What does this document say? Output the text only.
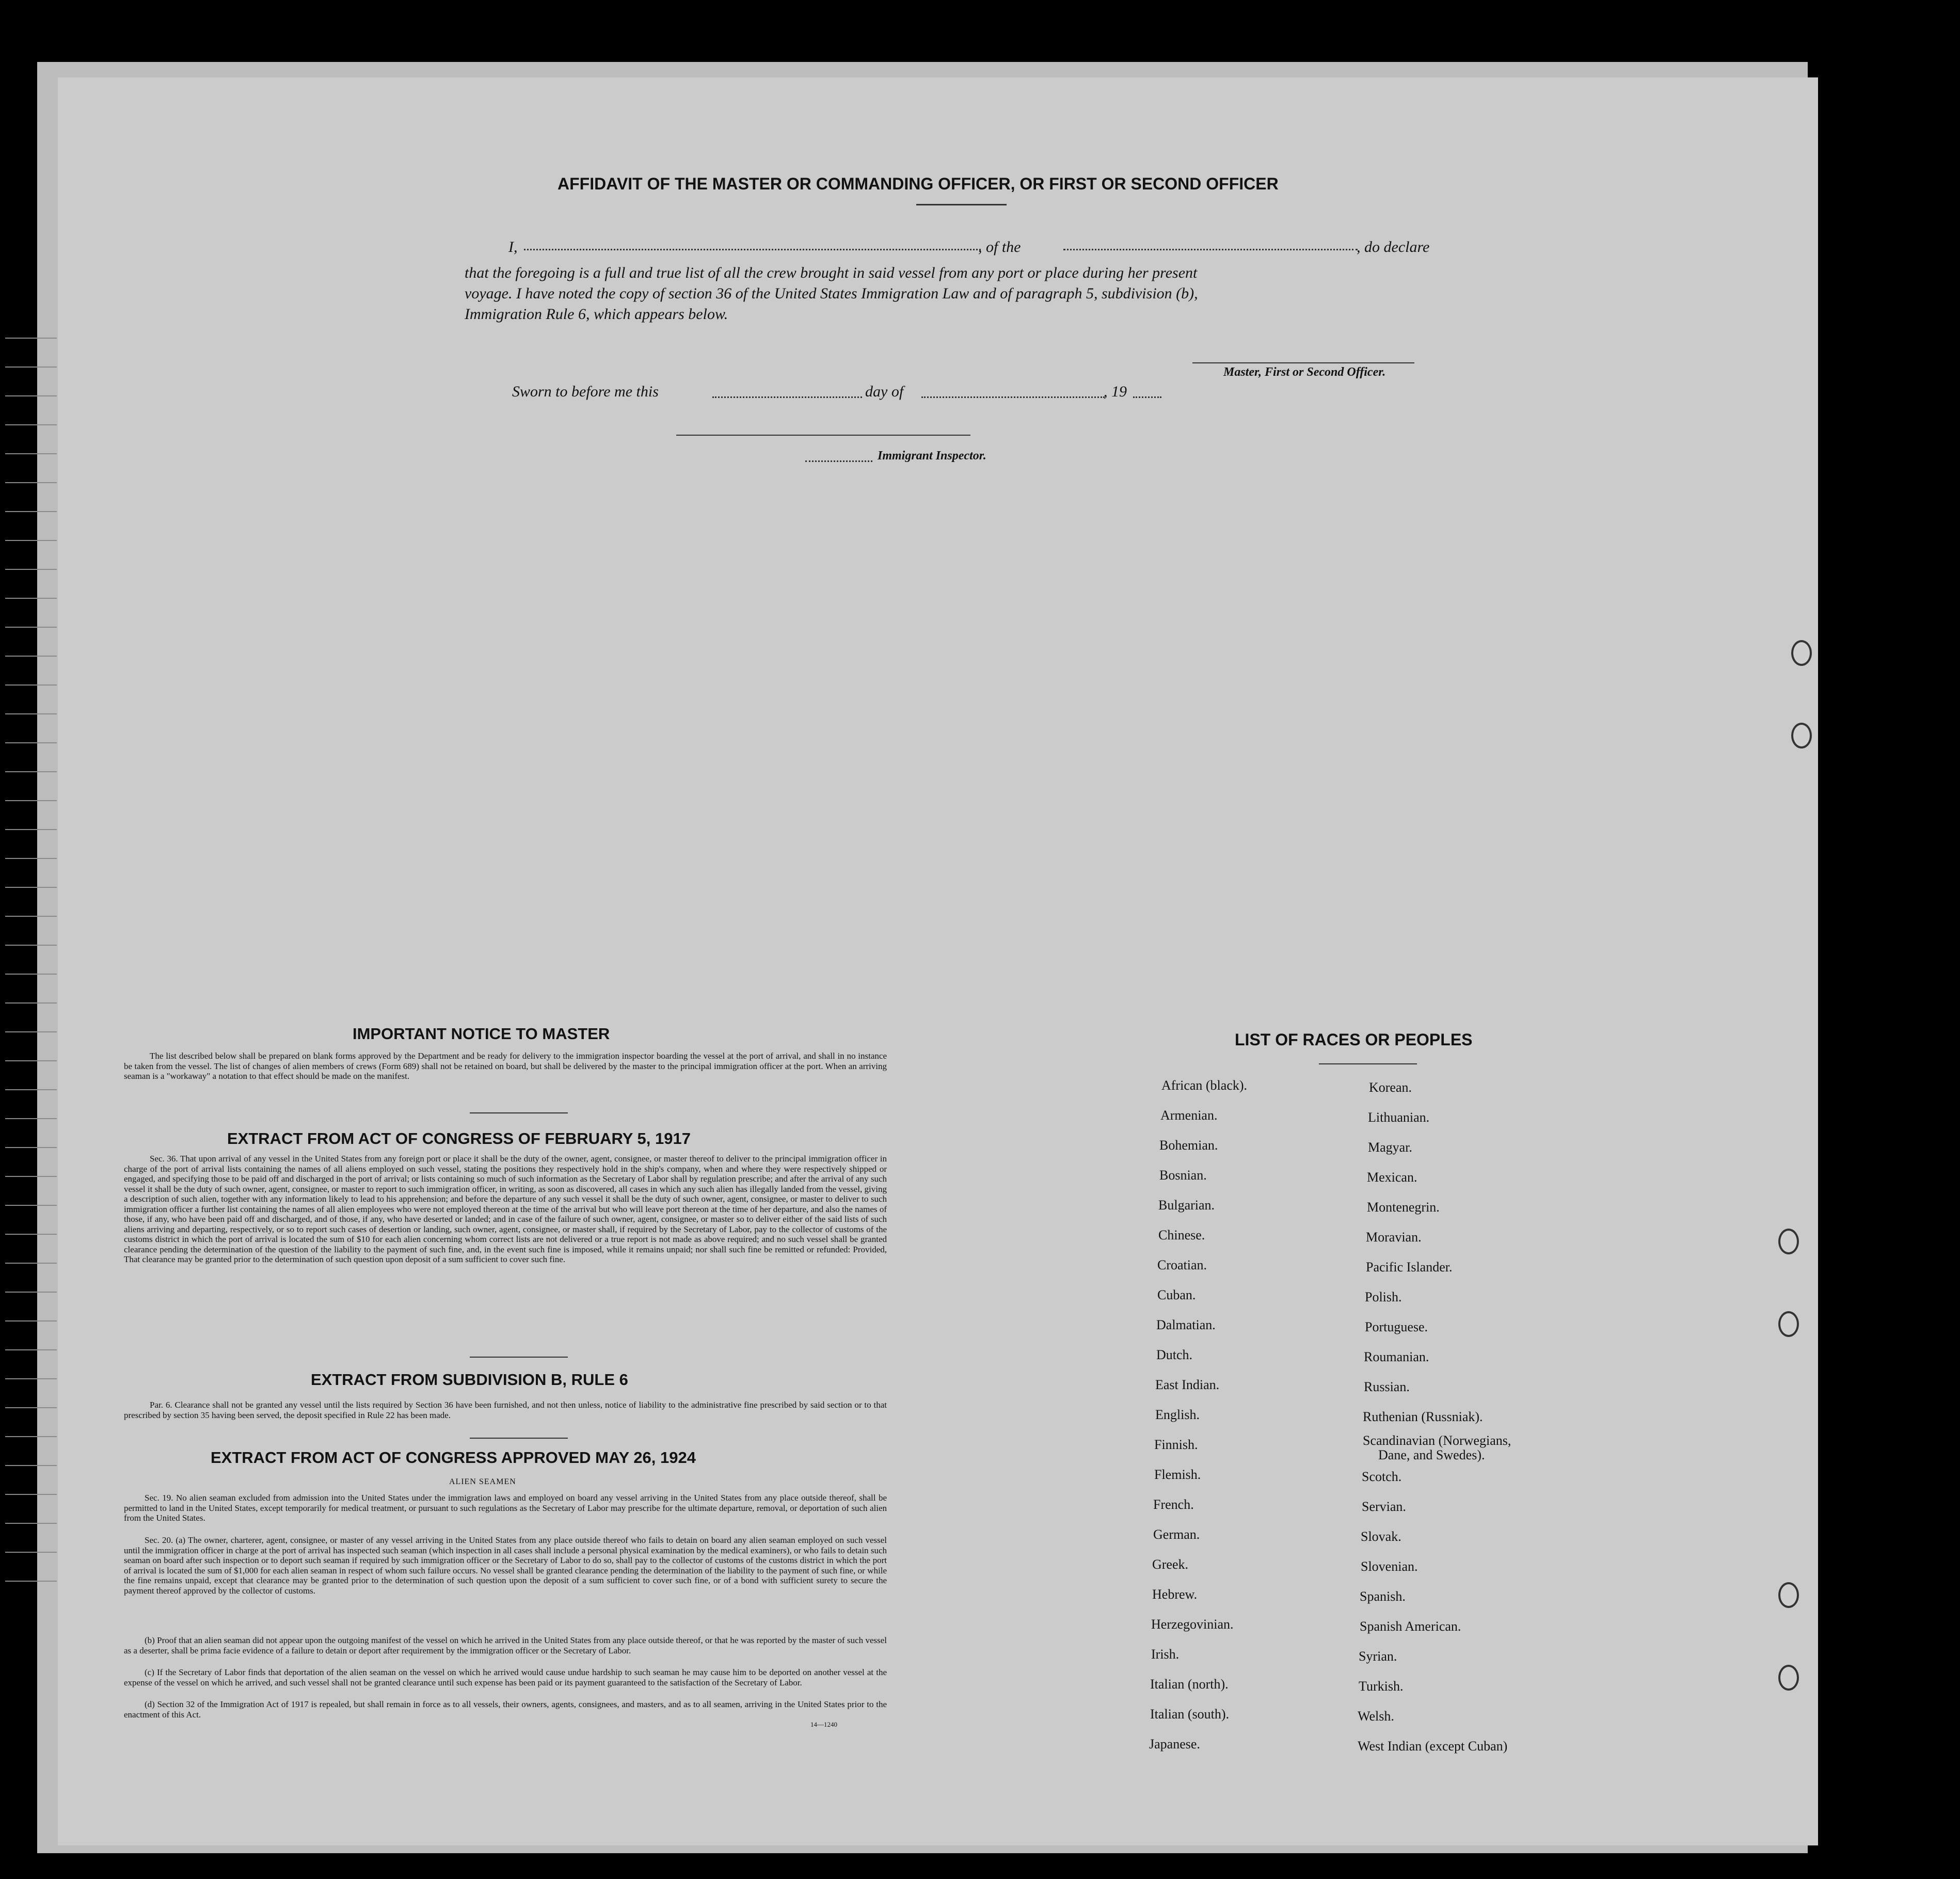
AFFIDAVIT OF THE MASTER OR COMMANDING OFFICER, OR FIRST OR SECOND OFFICER
I,	, of the	, do declare
that the foregoing is a full and true list of all the crew brought in said vessel from any port or place during her present
voyage. I have noted the copy of section 36 of the United States Immigration Law and of paragraph 5, subdivision (b),
Immigration Rule 6, which appears below.
Master, First or Second Officer.
Sworn to before me this	day of	, 19
Immigrant Inspector.
IMPORTANT NOTICE TO MASTER
The list described below shall be prepared on blank forms approved by the Department and be ready for delivery to the immigration inspector boarding the vessel at the port of arrival, and shall in no instance be taken from the vessel. The list of changes of alien members of crews (Form 689) shall not be retained on board, but shall be delivered by the master to the principal immigration officer at the port. When an arriving seaman is a "workaway" a notation to that effect should be made on the manifest.
EXTRACT FROM ACT OF CONGRESS OF FEBRUARY 5, 1917
Sec. 36. That upon arrival of any vessel in the United States from any foreign port or place it shall be the duty of the owner, agent, consignee, or master thereof to deliver to the principal immigration officer in charge of the port of arrival lists containing the names of all aliens employed on such vessel, stating the positions they respectively hold in the ship's company, when and where they were respectively shipped or engaged, and specifying those to be paid off and discharged in the port of arrival; or lists containing so much of such information as the Secretary of Labor shall by regulation prescribe; and after the arrival of any such vessel it shall be the duty of such owner, agent, consignee, or master to report to such immigration officer, in writing, as soon as discovered, all cases in which any such alien has illegally landed from the vessel, giving a description of such alien, together with any information likely to lead to his apprehension; and before the departure of any such vessel it shall be the duty of such owner, agent, consignee, or master to deliver to such immigration officer a further list containing the names of all alien employees who were not employed thereon at the time of the arrival but who will leave port thereon at the time of her departure, and also the names of those, if any, who have been paid off and discharged, and of those, if any, who have deserted or landed; and in case of the failure of such owner, agent, consignee, or master so to deliver either of the said lists of such aliens arriving and departing, respectively, or so to report such cases of desertion or landing, such owner, agent, consignee, or master shall, if required by the Secretary of Labor, pay to the collector of customs of the customs district in which the port of arrival is located the sum of $10 for each alien concerning whom correct lists are not delivered or a true report is not made as above required; and no such vessel shall be granted clearance pending the determination of the question of the liability to the payment of such fine, and, in the event such fine is imposed, while it remains unpaid; nor shall such fine be remitted or refunded: Provided, That clearance may be granted prior to the determination of such question upon deposit of a sum sufficient to cover such fine.
EXTRACT FROM SUBDIVISION B, RULE 6
Par. 6. Clearance shall not be granted any vessel until the lists required by Section 36 have been furnished, and not then unless, notice of liability to the administrative fine prescribed by said section or to that prescribed by section 35 having been served, the deposit specified in Rule 22 has been made.
EXTRACT FROM ACT OF CONGRESS APPROVED MAY 26, 1924
ALIEN SEAMEN
Sec. 19. No alien seaman excluded from admission into the United States under the immigration laws and employed on board any vessel arriving in the United States from any place outside thereof, shall be permitted to land in the United States, except temporarily for medical treatment, or pursuant to such regulations as the Secretary of Labor may prescribe for the ultimate departure, removal, or deportation of such alien from the United States.
Sec. 20. (a) The owner, charterer, agent, consignee, or master of any vessel arriving in the United States from any place outside thereof who fails to detain on board any alien seaman employed on such vessel until the immigration officer in charge at the port of arrival has inspected such seaman (which inspection in all cases shall include a personal physical examination by the medical examiners), or who fails to detain such seaman on board after such inspection or to deport such seaman if required by such immigration officer or the Secretary of Labor to do so, shall pay to the collector of customs of the customs district in which the port of arrival is located the sum of $1,000 for each alien seaman in respect of whom such failure occurs. No vessel shall be granted clearance pending the determination of the liability to the payment of such fine, or while the fine remains unpaid, except that clearance may be granted prior to the determination of such question upon the deposit of a sum sufficient to cover such fine, or of a bond with sufficient surety to secure the payment thereof approved by the collector of customs.
(b) Proof that an alien seaman did not appear upon the outgoing manifest of the vessel on which he arrived in the United States from any place outside thereof, or that he was reported by the master of such vessel as a deserter, shall be prima facie evidence of a failure to detain or deport after requirement by the immigration officer or the Secretary of Labor.
(c) If the Secretary of Labor finds that deportation of the alien seaman on the vessel on which he arrived would cause undue hardship to such seaman he may cause him to be deported on another vessel at the expense of the vessel on which he arrived, and such vessel shall not be granted clearance until such expense has been paid or its payment guaranteed to the satisfaction of the Secretary of Labor.
(d) Section 32 of the Immigration Act of 1917 is repealed, but shall remain in force as to all vessels, their owners, agents, consignees, and masters, and as to all seamen, arriving in the United States prior to the enactment of this Act.
14—1240
LIST OF RACES OR PEOPLES
African (black).
Armenian.
Bohemian.
Bosnian.
Bulgarian.
Chinese.
Croatian.
Cuban.
Dalmatian.
Dutch.
East Indian.
English.
Finnish.
Flemish.
French.
German.
Greek.
Hebrew.
Herzegovinian.
Irish.
Italian (north).
Italian (south).
Japanese.
Korean.
Lithuanian.
Magyar.
Mexican.
Montenegrin.
Moravian.
Pacific Islander.
Polish.
Portuguese.
Roumanian.
Russian.
Ruthenian (Russniak).
Scandinavian (Norwegians,
Dane, and Swedes).
Scotch.
Servian.
Slovak.
Slovenian.
Spanish.
Spanish American.
Syrian.
Turkish.
Welsh.
West Indian (except Cuban)
